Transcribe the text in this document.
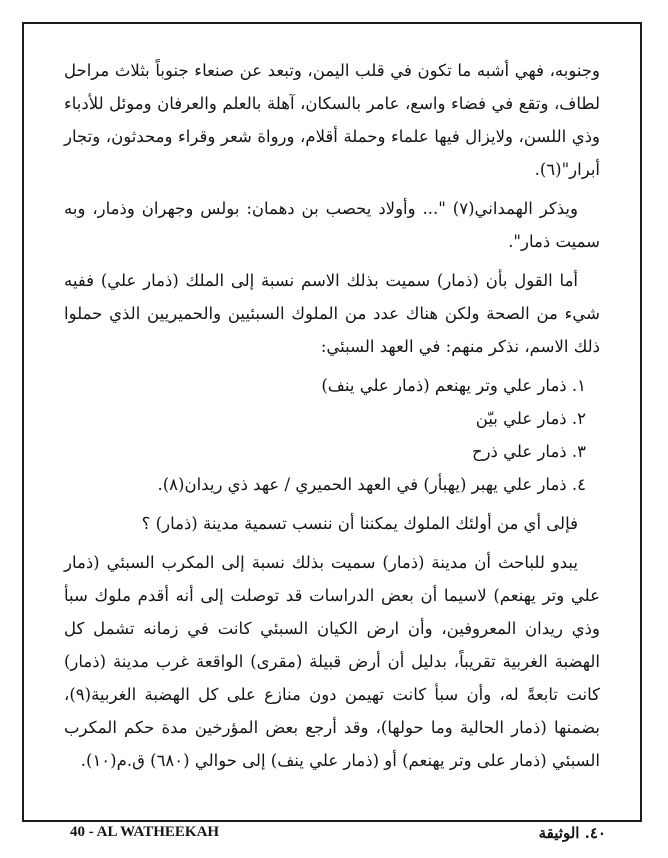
وجنوبه، فهي أشبه ما تكون في قلب اليمن، وتبعد عن صنعاء جنوباً بثلاث مراحل لطاف، وتقع في فضاء واسع، عامر بالسكان، آهلة بالعلم والعرفان وموئل للأدباء وذي اللسن، ولايزال فيها علماء وحملة أقلام، ورواة شعر وقراء ومحدثون، وتجار أبرار"(٦).

ويذكر الهمداني(٧) "... وأولاد يحصب بن دهمان: بولس وجهران وذمار، وبه سميت ذمار".

أما القول بأن (ذمار) سميت بذلك الاسم نسبة إلى الملك (ذمار علي) ففيه شيء من الصحة ولكن هناك عدد من الملوك السبئيين والحميريين الذي حملوا ذلك الاسم، نذكر منهم: في العهد السبئي:

١. ذمار علي وتر يهنعم (ذمار علي ينف)
٢. ذمار علي بيّن
٣. ذمار علي ذرح
٤. ذمار علي يهبر (يهبأر) في العهد الحميري / عهد ذي ريدان(٨).

فإلى أي من أولئك الملوك يمكننا أن ننسب تسمية مدينة (ذمار) ؟

يبدو للباحث أن مدينة (ذمار) سميت بذلك نسبة إلى المكرب السبئي (ذمار علي وتر يهنعم) لاسيما أن بعض الدراسات قد توصلت إلى أنه أقدم ملوك سبأ وذي ريدان المعروفين، وأن ارض الكيان السبئي كانت في زمانه تشمل كل الهضبة الغربية تقريباً، بدليل أن أرض قبيلة (مقرى) الواقعة غرب مدينة (ذمار) كانت تابعةً له، وأن سبأ كانت تهيمن دون منازع على كل الهضبة الغربية(٩)، بضمنها (ذمار الحالية وما حولها)، وقد أرجع بعض المؤرخين مدة حكم المكرب السبئي (ذمار على وتر يهنعم) أو (ذمار علي ينف) إلى حوالي (٦٨٠) ق.م(١٠).

40 - AL WATHEEKAH	٤٠. الوثيقة
